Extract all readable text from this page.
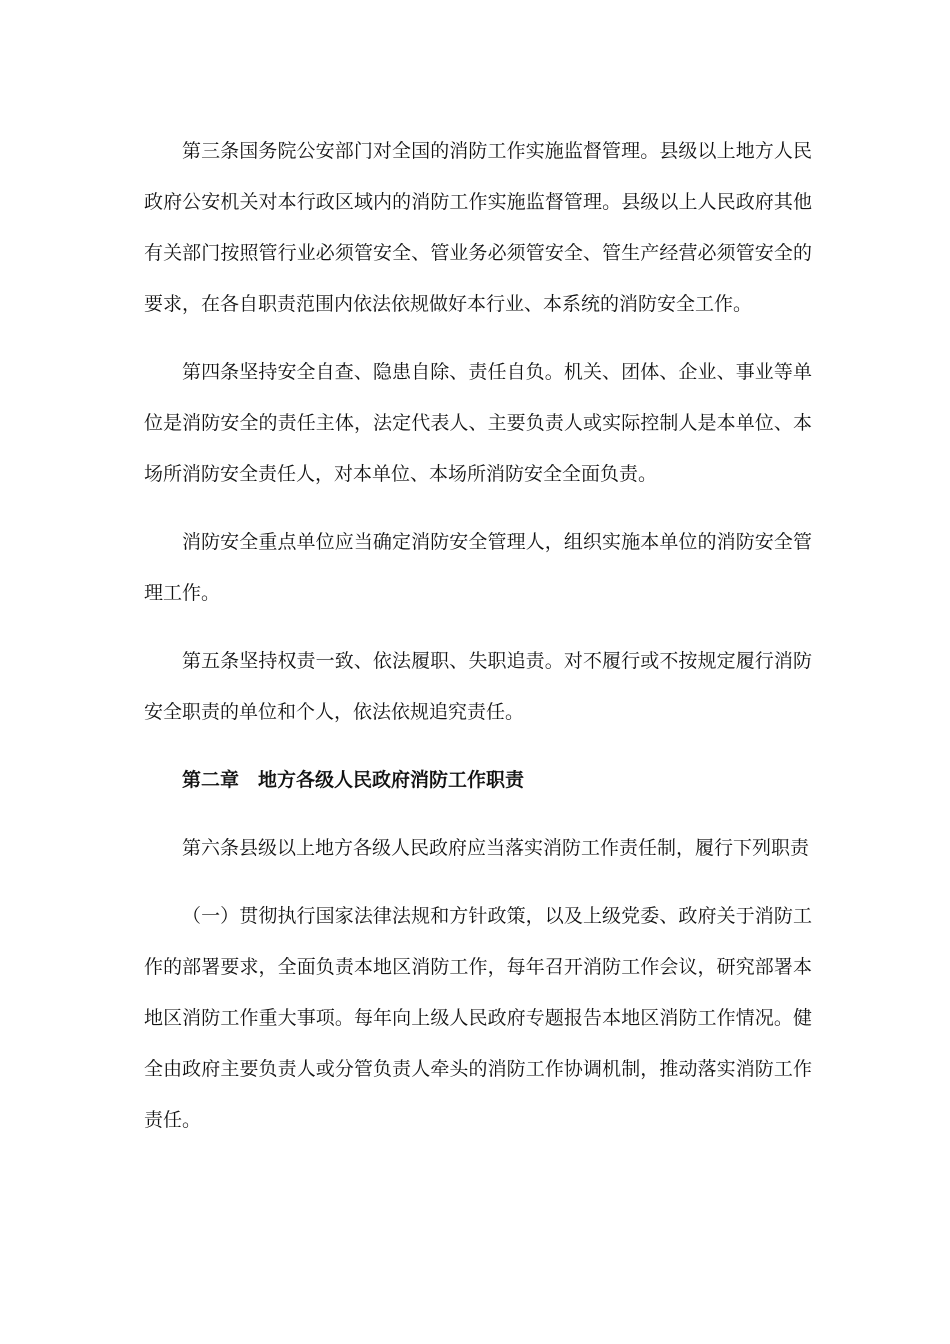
第三条国务院公安部门对全国的消防工作实施监督管理。县级以上地方人民政府公安机关对本行政区域内的消防工作实施监督管理。县级以上人民政府其他有关部门按照管行业必须管安全、管业务必须管安全、管生产经营必须管安全的要求，在各自职责范围内依法依规做好本行业、本系统的消防安全工作。

第四条坚持安全自查、隐患自除、责任自负。机关、团体、企业、事业等单位是消防安全的责任主体，法定代表人、主要负责人或实际控制人是本单位、本场所消防安全责任人，对本单位、本场所消防安全全面负责。

消防安全重点单位应当确定消防安全管理人，组织实施本单位的消防安全管理工作。

第五条坚持权责一致、依法履职、失职追责。对不履行或不按规定履行消防安全职责的单位和个人，依法依规追究责任。

第二章　地方各级人民政府消防工作职责

第六条县级以上地方各级人民政府应当落实消防工作责任制，履行下列职责

（一）贯彻执行国家法律法规和方针政策，以及上级党委、政府关于消防工作的部署要求，全面负责本地区消防工作，每年召开消防工作会议，研究部署本地区消防工作重大事项。每年向上级人民政府专题报告本地区消防工作情况。健全由政府主要负责人或分管负责人牵头的消防工作协调机制，推动落实消防工作责任。
